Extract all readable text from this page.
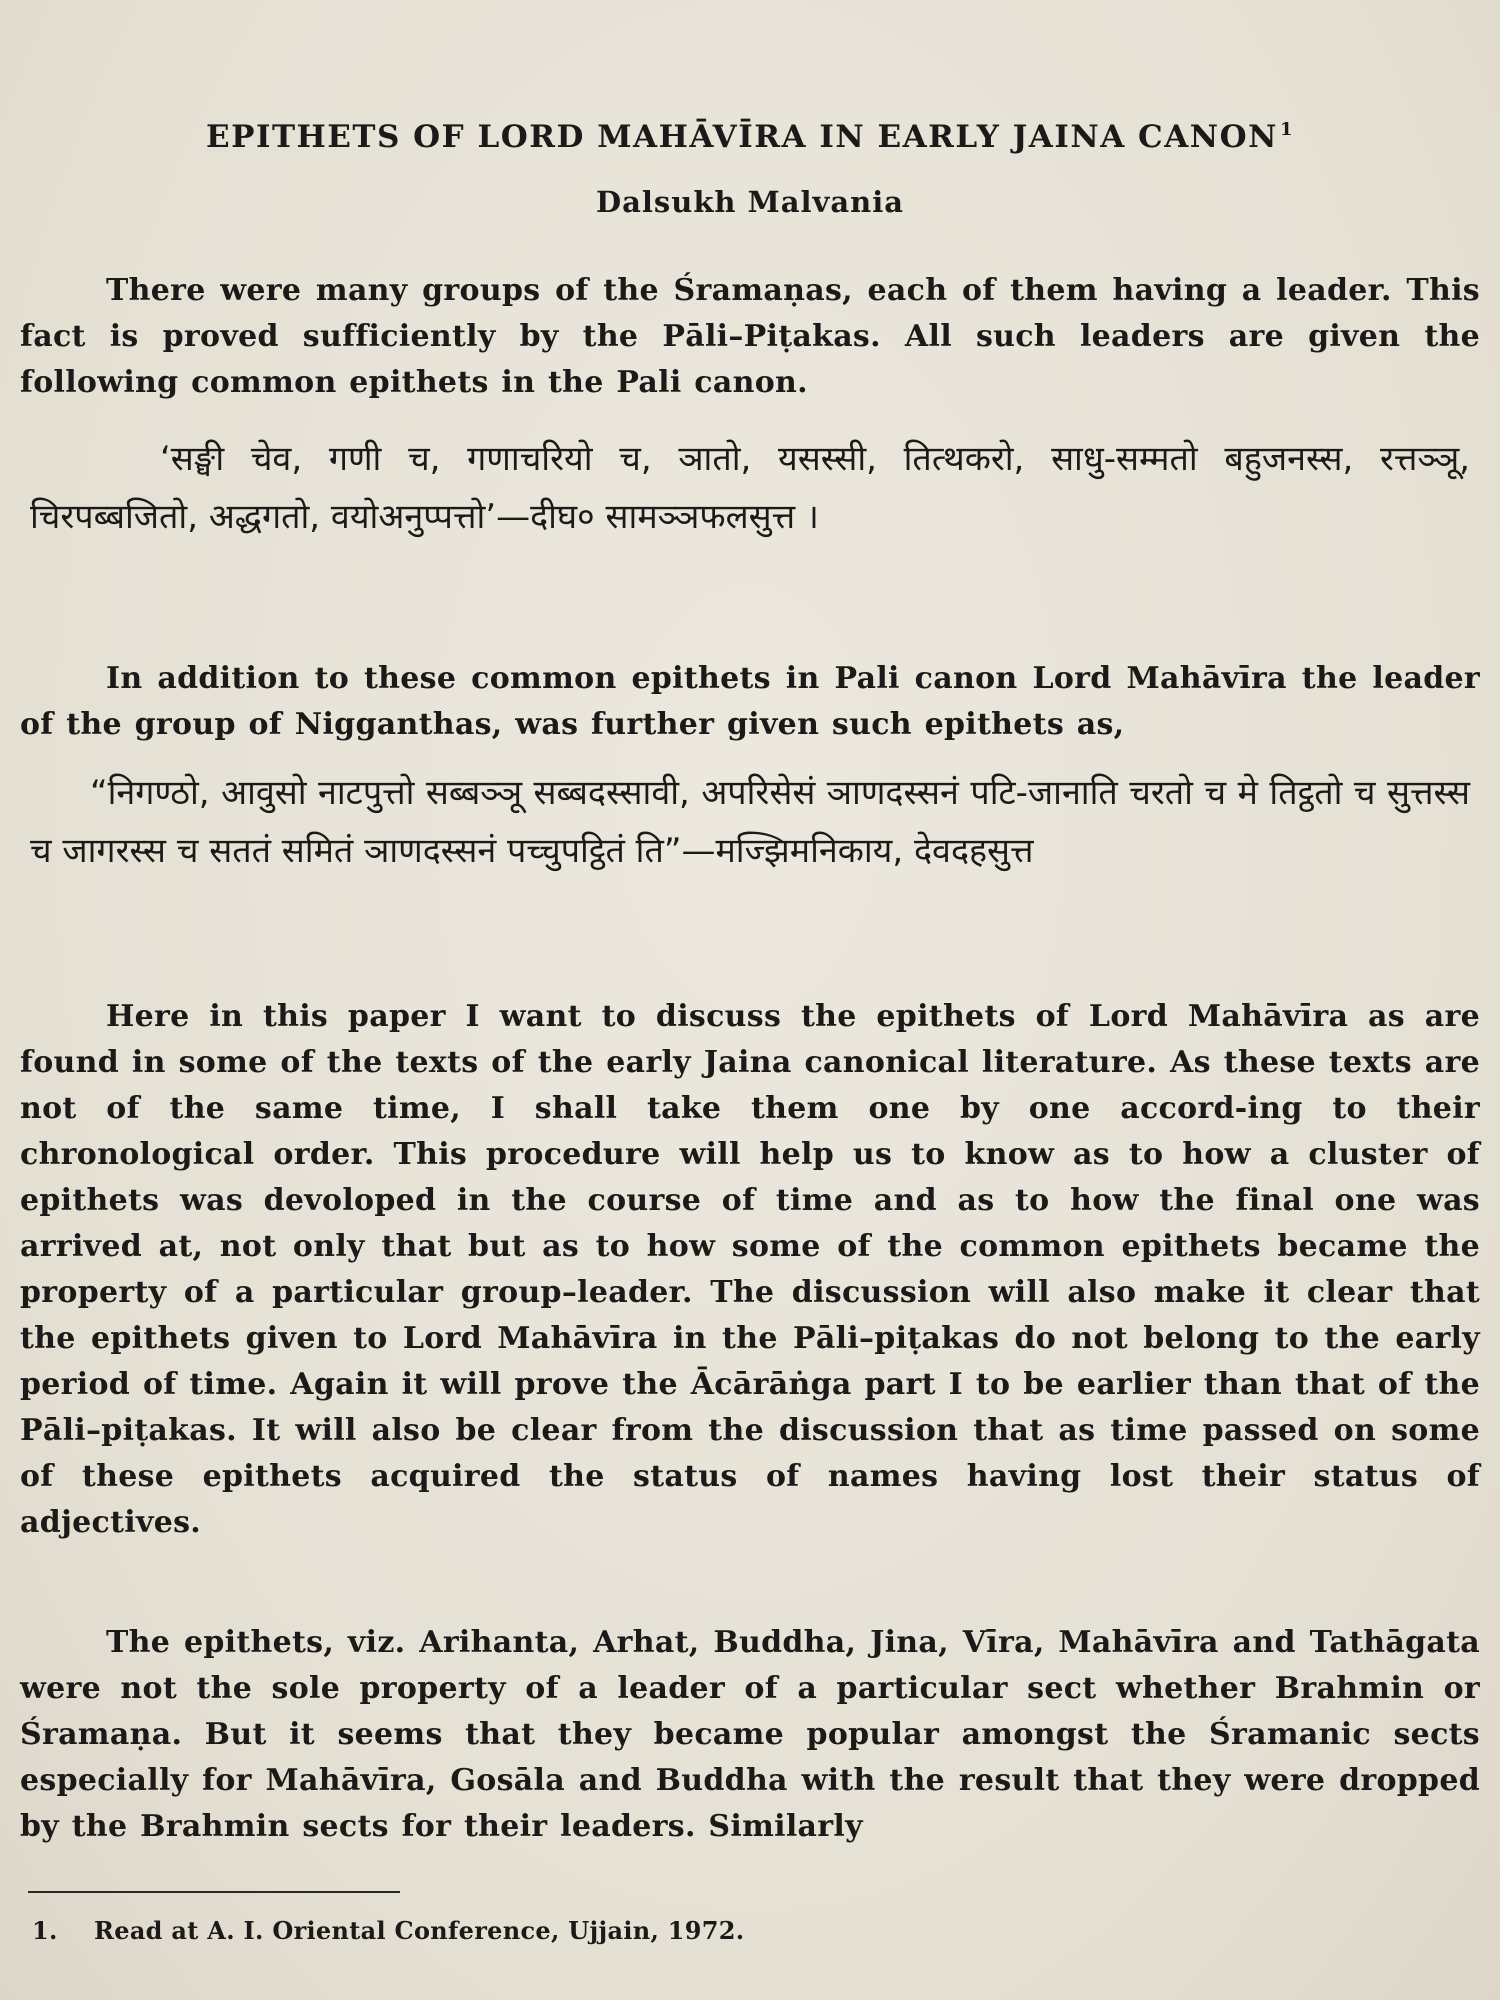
EPITHETS OF LORD MAHĀVĪRA IN EARLY JAINA CANON $^1$
Dalsukh Malvania

There were many groups of the Śramaṇas, each of them having a leader. This fact is proved sufficiently by the Pāli–Piṭakas. All such leaders are given the following common epithets in the Pali canon.

‘सङ्घी चेव, गणी च, गणाचरियो च, ञातो, यसस्सी, तित्थकरो, साधु-सम्मतो बहुजनस्स, रत्तञ्ञू, चिरपब्बजितो, अद्धगतो, वयोअनुप्पत्तो’—दीघ० सामञ्ञफलसुत्त ।

In addition to these common epithets in Pali canon Lord Mahāvīra the leader of the group of Nigganthas, was further given such epithets as,

“निगण्ठो, आवुसो नाटपुत्तो सब्बञ्ञू सब्बदस्सावी, अपरिसेसं ञाणदस्सनं पटि-जानाति चरतो च मे तिट्ठतो च सुत्तस्स च जागरस्स च सततं समितं ञाणदस्सनं पच्चुपट्ठितं ति”—मज्झिमनिकाय, देवदहसुत्त

Here in this paper I want to discuss the epithets of Lord Mahāvīra as are found in some of the texts of the early Jaina canonical literature. As these texts are not of the same time, I shall take them one by one accord-ing to their chronological order. This procedure will help us to know as to how a cluster of epithets was devoloped in the course of time and as to how the final one was arrived at, not only that but as to how some of the common epithets became the property of a particular group–leader. The discussion will also make it clear that the epithets given to Lord Mahāvīra in the Pāli–piṭakas do not belong to the early period of time. Again it will prove the Ācārāṅga part I to be earlier than that of the Pāli–piṭakas. It will also be clear from the discussion that as time passed on some of these epithets acquired the status of names having lost their status of adjectives.

The epithets, viz. Arihanta, Arhat, Buddha, Jina, Vīra, Mahāvīra and Tathāgata were not the sole property of a leader of a particular sect whether Brahmin or Śramaṇa. But it seems that they became popular amongst the Śramanic sects especially for Mahāvīra, Gosāla and Buddha with the result that they were dropped by the Brahmin sects for their leaders. Similarly

1. Read at A. I. Oriental Conference, Ujjain, 1972.
